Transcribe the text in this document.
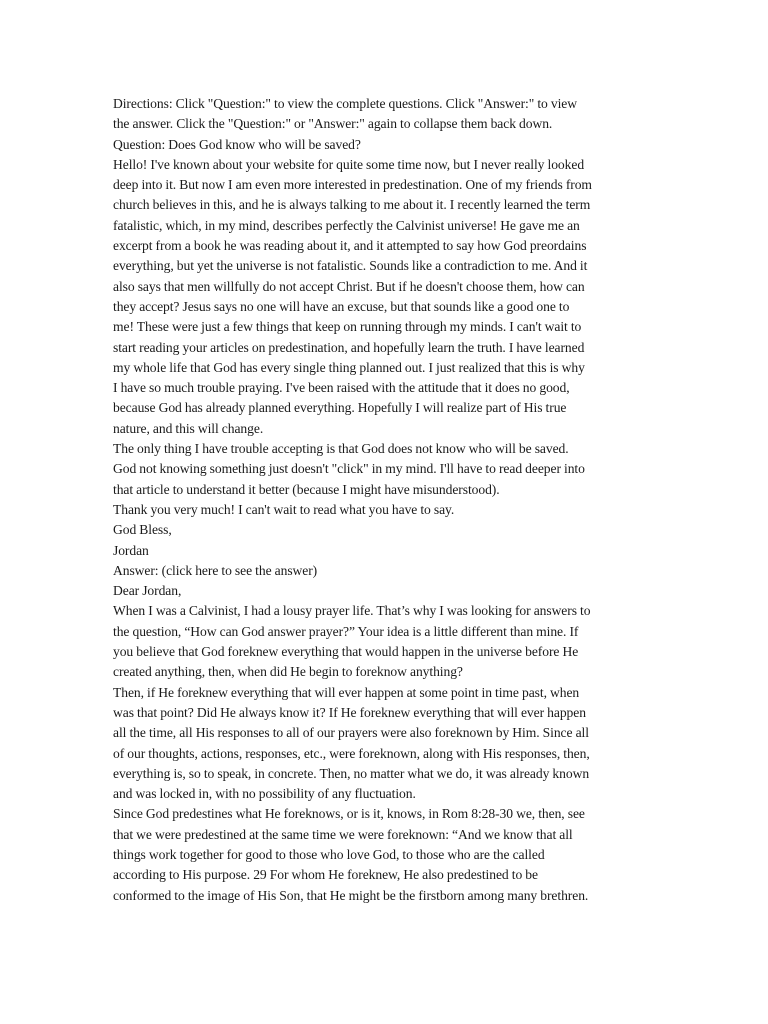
Directions: Click "Question:" to view the complete questions. Click "Answer:" to view
the answer. Click the "Question:" or "Answer:" again to collapse them back down.
Question: Does God know who will be saved?
Hello! I've known about your website for quite some time now, but I never really looked
deep into it. But now I am even more interested in predestination. One of my friends from
church believes in this, and he is always talking to me about it. I recently learned the term
fatalistic, which, in my mind, describes perfectly the Calvinist universe! He gave me an
excerpt from a book he was reading about it, and it attempted to say how God preordains
everything, but yet the universe is not fatalistic. Sounds like a contradiction to me. And it
also says that men willfully do not accept Christ. But if he doesn't choose them, how can
they accept? Jesus says no one will have an excuse, but that sounds like a good one to
me! These were just a few things that keep on running through my minds. I can't wait to
start reading your articles on predestination, and hopefully learn the truth. I have learned
my whole life that God has every single thing planned out. I just realized that this is why
I have so much trouble praying. I've been raised with the attitude that it does no good,
because God has already planned everything. Hopefully I will realize part of His true
nature, and this will change.
The only thing I have trouble accepting is that God does not know who will be saved.
God not knowing something just doesn't "click" in my mind. I'll have to read deeper into
that article to understand it better (because I might have misunderstood).
Thank you very much! I can't wait to read what you have to say.
God Bless,
Jordan
Answer: (click here to see the answer)
Dear Jordan,
When I was a Calvinist, I had a lousy prayer life. That’s why I was looking for answers to
the question, “How can God answer prayer?” Your idea is a little different than mine. If
you believe that God foreknew everything that would happen in the universe before He
created anything, then, when did He begin to foreknow anything?
Then, if He foreknew everything that will ever happen at some point in time past, when
was that point? Did He always know it? If He foreknew everything that will ever happen
all the time, all His responses to all of our prayers were also foreknown by Him. Since all
of our thoughts, actions, responses, etc., were foreknown, along with His responses, then,
everything is, so to speak, in concrete. Then, no matter what we do, it was already known
and was locked in, with no possibility of any fluctuation.
Since God predestines what He foreknows, or is it, knows, in Rom 8:28-30 we, then, see
that we were predestined at the same time we were foreknown: “And we know that all
things work together for good to those who love God, to those who are the called
according to His purpose. 29 For whom He foreknew, He also predestined to be
conformed to the image of His Son, that He might be the firstborn among many brethren.
